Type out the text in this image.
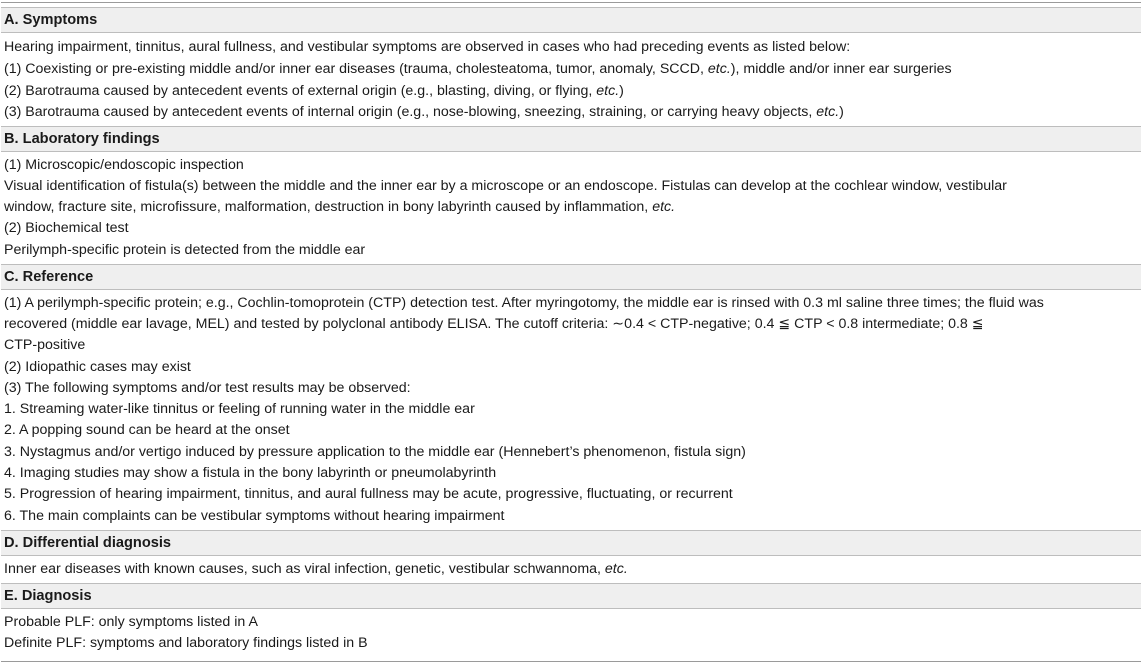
A. Symptoms
Hearing impairment, tinnitus, aural fullness, and vestibular symptoms are observed in cases who had preceding events as listed below:
(1) Coexisting or pre-existing middle and/or inner ear diseases (trauma, cholesteatoma, tumor, anomaly, SCCD, etc.), middle and/or inner ear surgeries
(2) Barotrauma caused by antecedent events of external origin (e.g., blasting, diving, or flying, etc.)
(3) Barotrauma caused by antecedent events of internal origin (e.g., nose-blowing, sneezing, straining, or carrying heavy objects, etc.)
B. Laboratory findings
(1) Microscopic/endoscopic inspection
Visual identification of fistula(s) between the middle and the inner ear by a microscope or an endoscope. Fistulas can develop at the cochlear window, vestibular
window, fracture site, microfissure, malformation, destruction in bony labyrinth caused by inflammation, etc.
(2) Biochemical test
Perilymph-specific protein is detected from the middle ear
C. Reference
(1) A perilymph-specific protein; e.g., Cochlin-tomoprotein (CTP) detection test. After myringotomy, the middle ear is rinsed with 0.3 ml saline three times; the fluid was
recovered (middle ear lavage, MEL) and tested by polyclonal antibody ELISA. The cutoff criteria: ∼0.4 < CTP-negative; 0.4 ≦ CTP < 0.8 intermediate; 0.8 ≦
CTP-positive
(2) Idiopathic cases may exist
(3) The following symptoms and/or test results may be observed:
1. Streaming water-like tinnitus or feeling of running water in the middle ear
2. A popping sound can be heard at the onset
3. Nystagmus and/or vertigo induced by pressure application to the middle ear (Hennebert’s phenomenon, fistula sign)
4. Imaging studies may show a fistula in the bony labyrinth or pneumolabyrinth
5. Progression of hearing impairment, tinnitus, and aural fullness may be acute, progressive, fluctuating, or recurrent
6. The main complaints can be vestibular symptoms without hearing impairment
D. Differential diagnosis
Inner ear diseases with known causes, such as viral infection, genetic, vestibular schwannoma, etc.
E. Diagnosis
Probable PLF: only symptoms listed in A
Definite PLF: symptoms and laboratory findings listed in B
